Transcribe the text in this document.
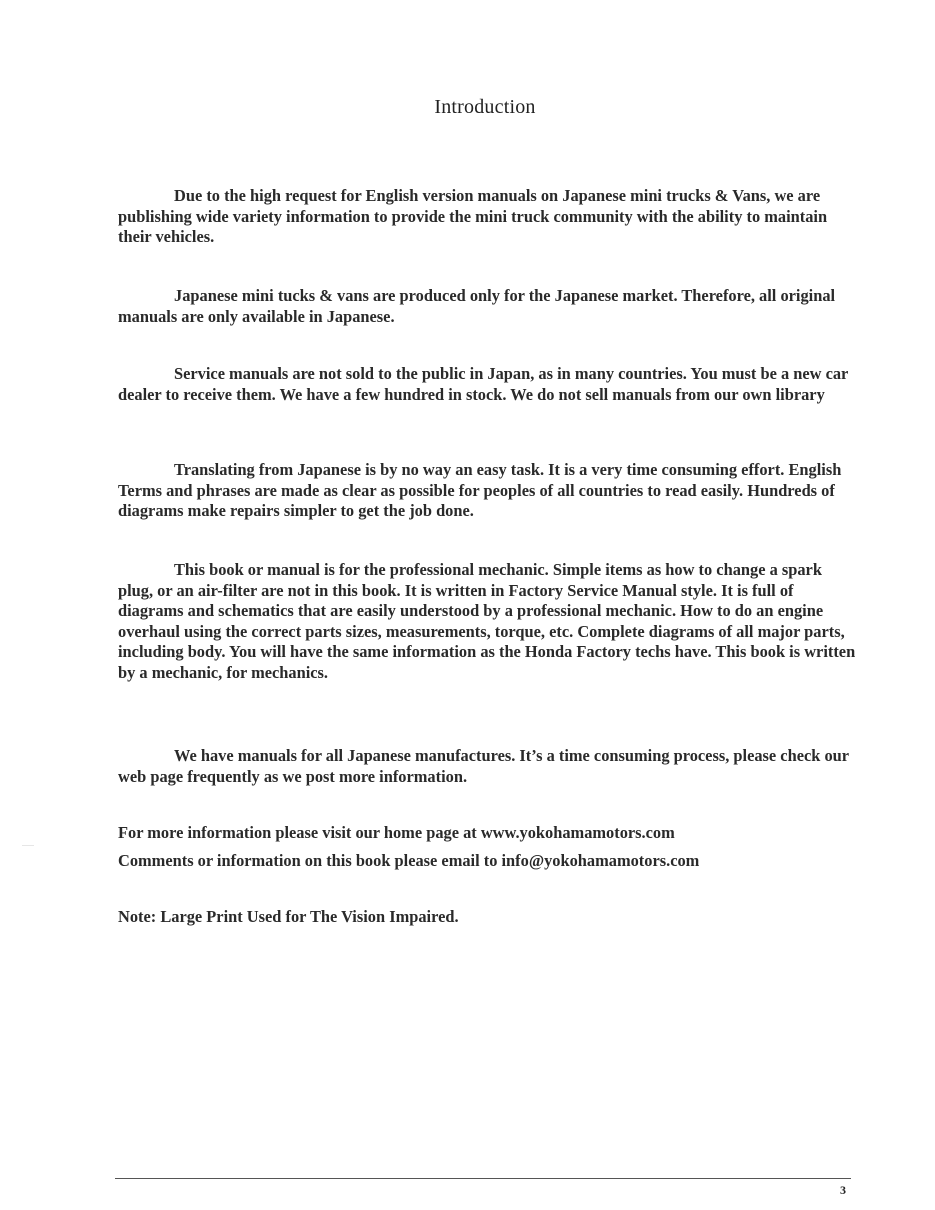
Introduction

Due to the high request for English version manuals on Japanese mini trucks & Vans, we are publishing wide variety information to provide the mini truck community with the ability to maintain their vehicles.

Japanese mini tucks & vans are produced only for the Japanese market. Therefore, all original manuals are only available in Japanese.

Service manuals are not sold to the public in Japan, as in many countries. You must be a new car dealer to receive them. We have a few hundred in stock. We do not sell manuals from our own library

Translating from Japanese is by no way an easy task. It is a very time consuming effort. English Terms and phrases are made as clear as possible for peoples of all countries to read easily. Hundreds of diagrams make repairs simpler to get the job done.

This book or manual is for the professional mechanic. Simple items as how to change a spark plug, or an air-filter are not in this book. It is written in Factory Service Manual style. It is full of diagrams and schematics that are easily understood by a professional mechanic. How to do an engine overhaul using the correct parts sizes, measurements, torque, etc. Complete diagrams of all major parts, including body. You will have the same information as the Honda Factory techs have. This book is written by a mechanic, for mechanics.

We have manuals for all Japanese manufactures. It’s a time consuming process, please check our web page frequently as we post more information.

For more information please visit our home page at www.yokohamamotors.com

Comments or information on this book please email to info@yokohamamotors.com

Note: Large Print Used for The Vision Impaired.

3
